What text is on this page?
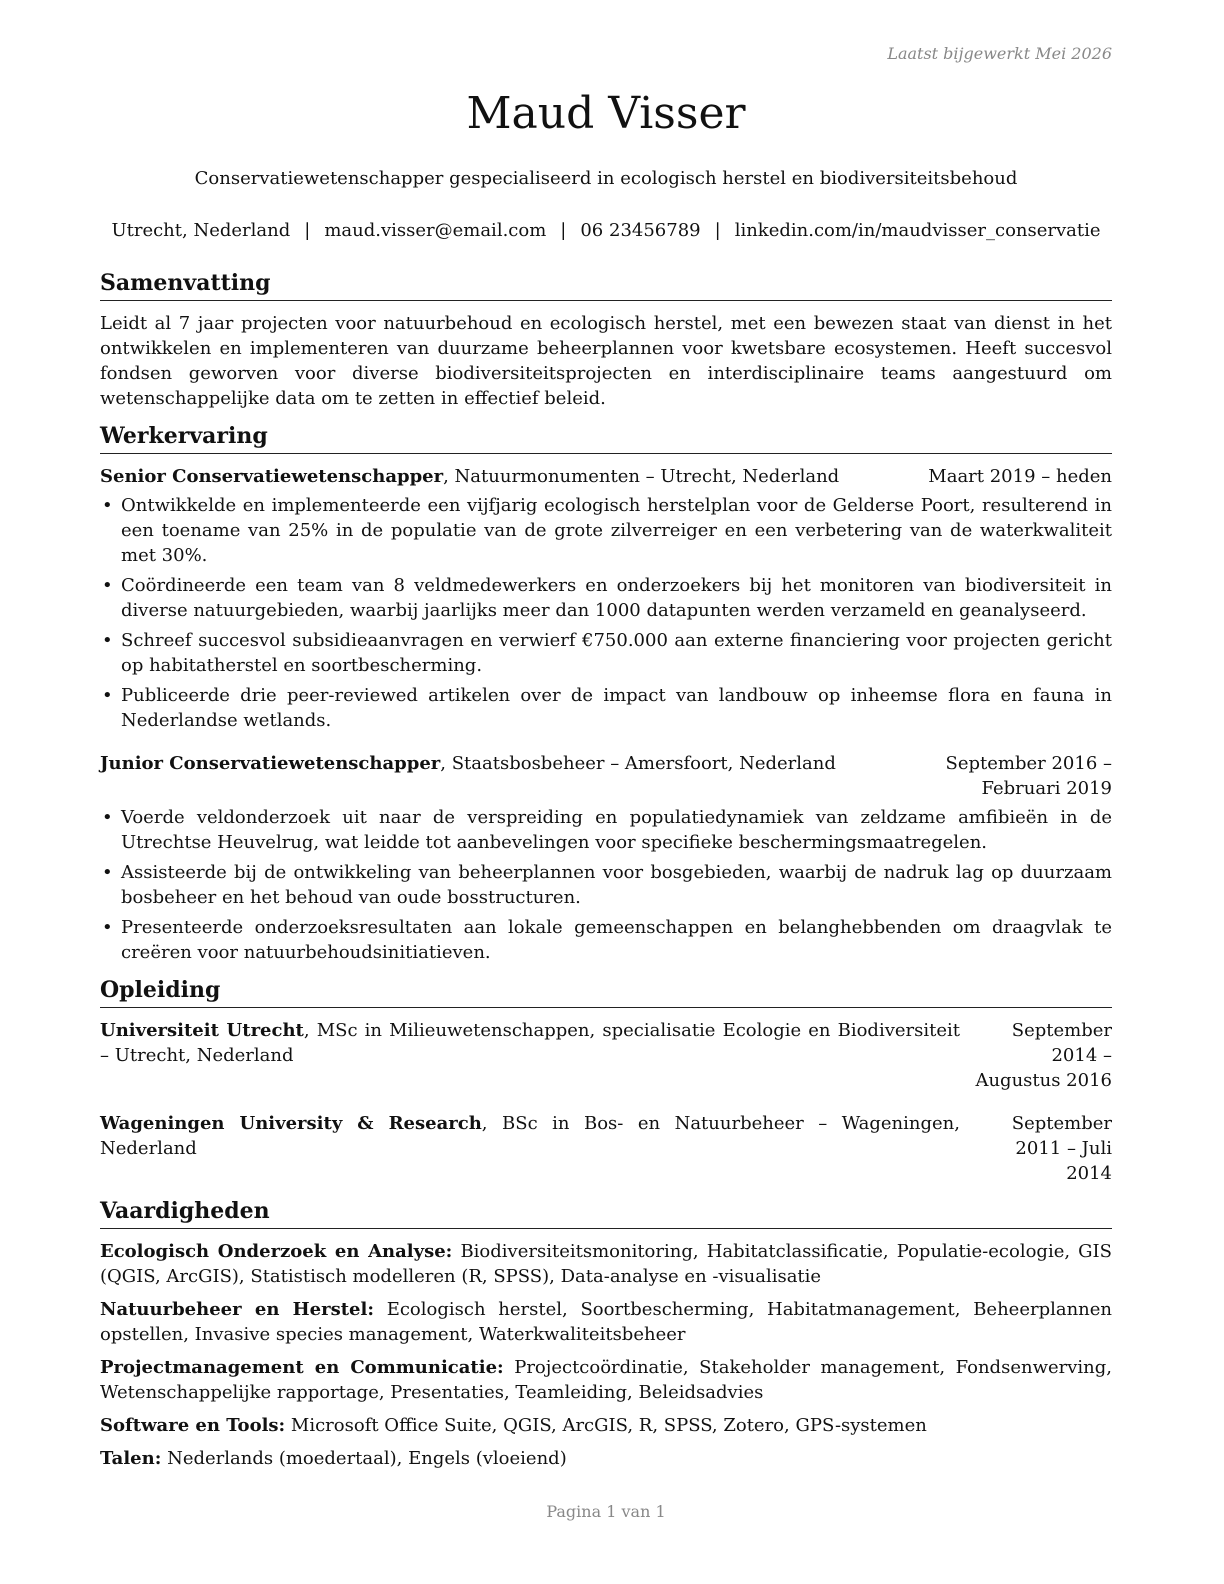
Laatst bijgewerkt Mei 2026
Maud Visser
Conservatiewetenschapper gespecialiseerd in ecologisch herstel en biodiversiteitsbehoud
Utrecht, Nederland | maud.visser@email.com | 06 23456789 | linkedin.com/in/maudvisser_conservatie
Samenvatting

Leidt al 7 jaar projecten voor natuurbehoud en ecologisch herstel, met een bewezen staat van dienst in het ontwikkelen en implementeren van duurzame beheerplannen voor kwetsbare ecosystemen. Heeft succesvol fondsen geworven voor diverse biodiversiteitsprojecten en interdisciplinaire teams aangestuurd om wetenschappelijke data om te zetten in effectief beleid.

Werkervaring
Senior Conservatiewetenschapper, Natuurmonumenten – Utrecht, Nederland	Maart 2019 – heden
• Ontwikkelde en implementeerde een vijfjarig ecologisch herstelplan voor de Gelderse Poort, resulterend in een toename van 25% in de populatie van de grote zilverreiger en een verbetering van de waterkwaliteit met 30%.
• Coördineerde een team van 8 veldmedewerkers en onderzoekers bij het monitoren van biodiversiteit in diverse natuurgebieden, waarbij jaarlijks meer dan 1000 datapunten werden verzameld en geanalyseerd.
• Schreef succesvol subsidieaanvragen en verwierf €750.000 aan externe financiering voor projecten gericht op habitatherstel en soortbescherming.
• Publiceerde drie peer-reviewed artikelen over de impact van landbouw op inheemse flora en fauna in Nederlandse wetlands.
Junior Conservatiewetenschapper, Staatsbosbeheer – Amersfoort, Nederland	September 2016 – Februari 2019
• Voerde veldonderzoek uit naar de verspreiding en populatiedynamiek van zeldzame amfibieën in de Utrechtse Heuvelrug, wat leidde tot aanbevelingen voor specifieke beschermingsmaatregelen.
• Assisteerde bij de ontwikkeling van beheerplannen voor bosgebieden, waarbij de nadruk lag op duurzaam bosbeheer en het behoud van oude bosstructuren.
• Presenteerde onderzoeksresultaten aan lokale gemeenschappen en belanghebbenden om draagvlak te creëren voor natuurbehoudsinitiatieven.
Opleiding
Universiteit Utrecht, MSc in Milieuwetenschappen, specialisatie Ecologie en Biodiversiteit – Utrecht, Nederland
September 2014 – Augustus 2016
Wageningen University & Research, BSc in Bos- en Natuurbeheer – Wageningen, Nederland
September 2011 – Juli 2014
Vaardigheden
Ecologisch Onderzoek en Analyse: Biodiversiteitsmonitoring, Habitatclassificatie, Populatie-ecologie, GIS (QGIS, ArcGIS), Statistisch modelleren (R, SPSS), Data-analyse en -visualisatie
Natuurbeheer en Herstel: Ecologisch herstel, Soortbescherming, Habitatmanagement, Beheerplannen opstellen, Invasive species management, Waterkwaliteitsbeheer
Projectmanagement en Communicatie: Projectcoördinatie, Stakeholder management, Fondsenwerving, Wetenschappelijke rapportage, Presentaties, Teamleiding, Beleidsadvies
Software en Tools: Microsoft Office Suite, QGIS, ArcGIS, R, SPSS, Zotero, GPS-systemen
Talen: Nederlands (moedertaal), Engels (vloeiend)
Pagina 1 van 1
